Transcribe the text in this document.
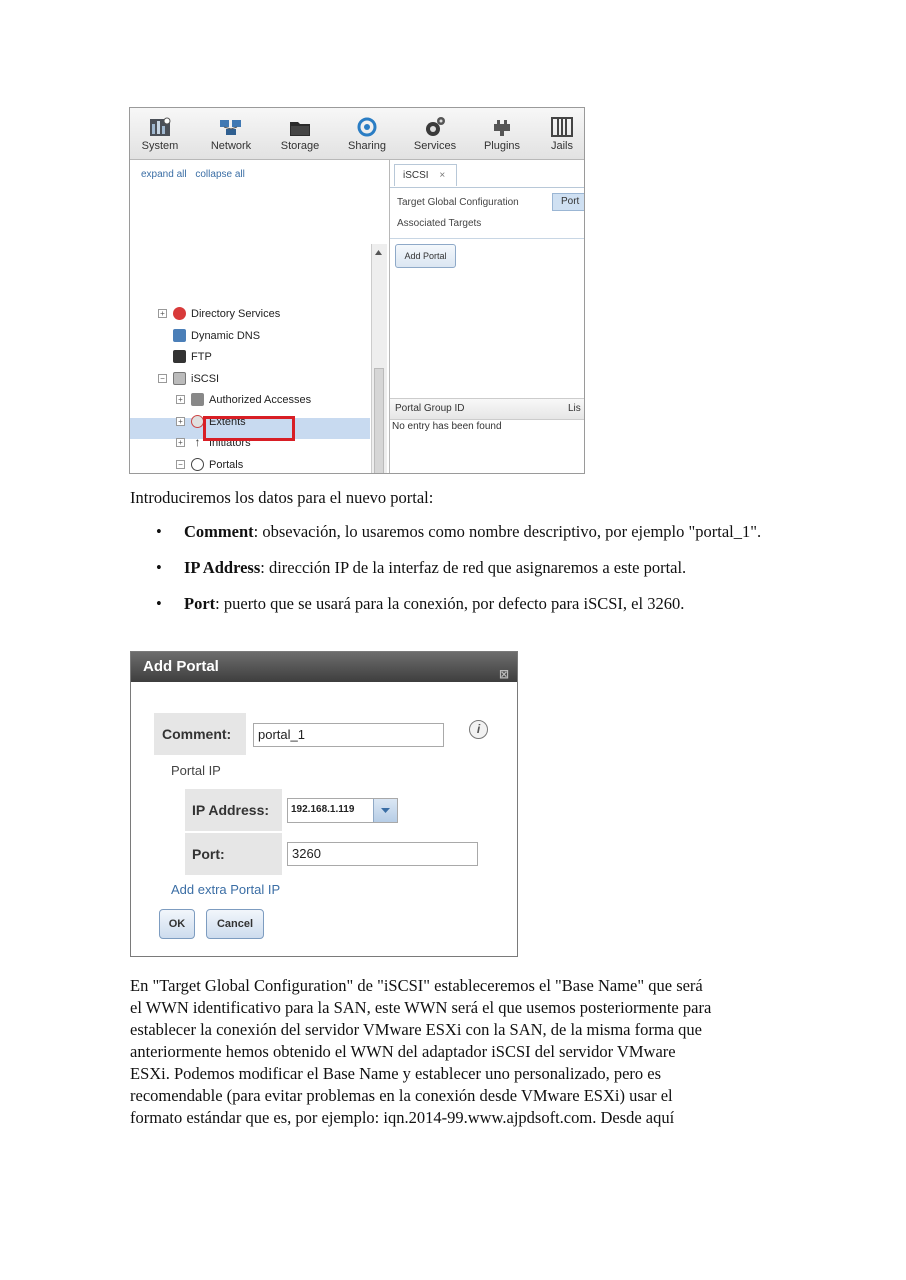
System	Network	Storage	Sharing	Services	Plugins	Jails
expand all collapse all
+ Directory Services
Dynamic DNS
FTP
− iSCSI
+ Authorized Accesses
+ Extents
+ ↑ Initiators
− Portals
iSCSI ×
Target Global Configuration	Port
Associated Targets
Add Portal
Portal Group ID	Lis
No entry has been found
Introduciremos los datos para el nuevo portal:
• Comment: obsevación, lo usaremos como nombre descriptivo, por ejemplo "portal_1".
• IP Address: dirección IP de la interfaz de red que asignaremos a este portal.
• Port: puerto que se usará para la conexión, por defecto para iSCSI, el 3260.
Add Portal	⊠
Comment:	portal_1	i
Portal IP
IP Address:	192.168.1.119
Port:	3260
Add extra Portal IP
OK	Cancel
En "Target Global Configuration" de "iSCSI" estableceremos el "Base Name" que será
el WWN identificativo para la SAN, este WWN será el que usemos posteriormente para
establecer la conexión del servidor VMware ESXi con la SAN, de la misma forma que
anteriormente hemos obtenido el WWN del adaptador iSCSI del servidor VMware
ESXi. Podemos modificar el Base Name y establecer uno personalizado, pero es
recomendable (para evitar problemas en la conexión desde VMware ESXi) usar el
formato estándar que es, por ejemplo: iqn.2014-99.www.ajpdsoft.com. Desde aquí
